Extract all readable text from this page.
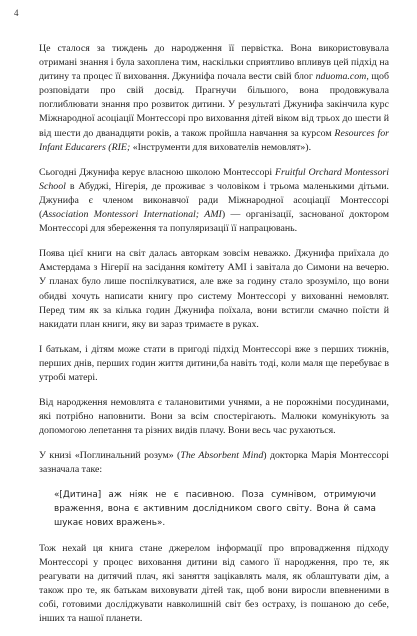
4

Це сталося за тиждень до народження її первістка. Вона використовувала отримані знання і була захоплена тим, наскільки сприятливо впливув цей підхід на дитину та процес її виховання. Джуниіфа почала вести свій блог nduoma.com, щоб розповідати про свій досвід. Прагнучи більшого, вона продовжувала поглиблювати знання про розвиток дитини. У результаті Джунифа закінчила курс Міжнародної асоціації Монтессорі про виховання дітей віком від трьох до шести й від шести до дванадцяти років, а також пройшла навчання за курсом Resources for Infant Educarers (RIE; «Інструменти для вихователів немовлят»).

Сьогодні Джунифа керує власною школою Монтессорі Fruitful Orchard Montessori School в Абуджі, Нігерія, де проживає з чоловіком і трьома маленькими дітьми. Джунифа є членом виконавчої ради Міжнародної асоціації Монтессорі (Association Montessori International; AMI) — організації, заснованої доктором Монтессорі для збереження та популяризації її напрацювань.

Поява цієї книги на світ далась авторкам зовсім неважко. Джунифа приїхала до Амстердама з Нігерії на засідання комітету AMI і завітала до Симони на вечерю. У планах було лише поспілкуватися, але вже за годину стало зрозуміло, що вони обидві хочуть написати книгу про систему Монтессорі у вихованні немовлят. Перед тим як за кілька годин Джунифа поїхала, вони встигли смачно поїсти й накидати план книги, яку ви зараз тримаєте в руках.

І батькам, і дітям може стати в пригоді підхід Монтессорі вже з перших тижнів, перших днів, перших годин життя дитини,ба навіть тоді, коли маля ще перебуває в утробі матері.

Від народження немовлята є талановитими учнями, а не порожніми посудинами, які потрібно наповнити. Вони за всім спостерігають. Малюки комунікують за допомогою лепетання та різних видів плачу. Вони весь час рухаються.

У книзі «Поглинальний розум» (The Absorbent Mind) докторка Марія Монтессорі зазначала таке:

«[Дитина] аж ніяк не є пасивною. Поза сумнівом, отримуючи враження, вона є активним дослідником свого світу. Вона й сама шукає нових вражень».

Тож нехай ця книга стане джерелом інформації про впровадження підходу Монтессорі у процес виховання дитини від самого її народження, про те, як реагувати на дитячий плач, які заняття зацікавлять маля, як облаштувати дім, а також про те, як батькам виховувати дітей так, щоб вони виросли впевненими в собі, готовими досліджувати навколишній світ без остраху, із пошаною до себе, інших та нашої планети.
